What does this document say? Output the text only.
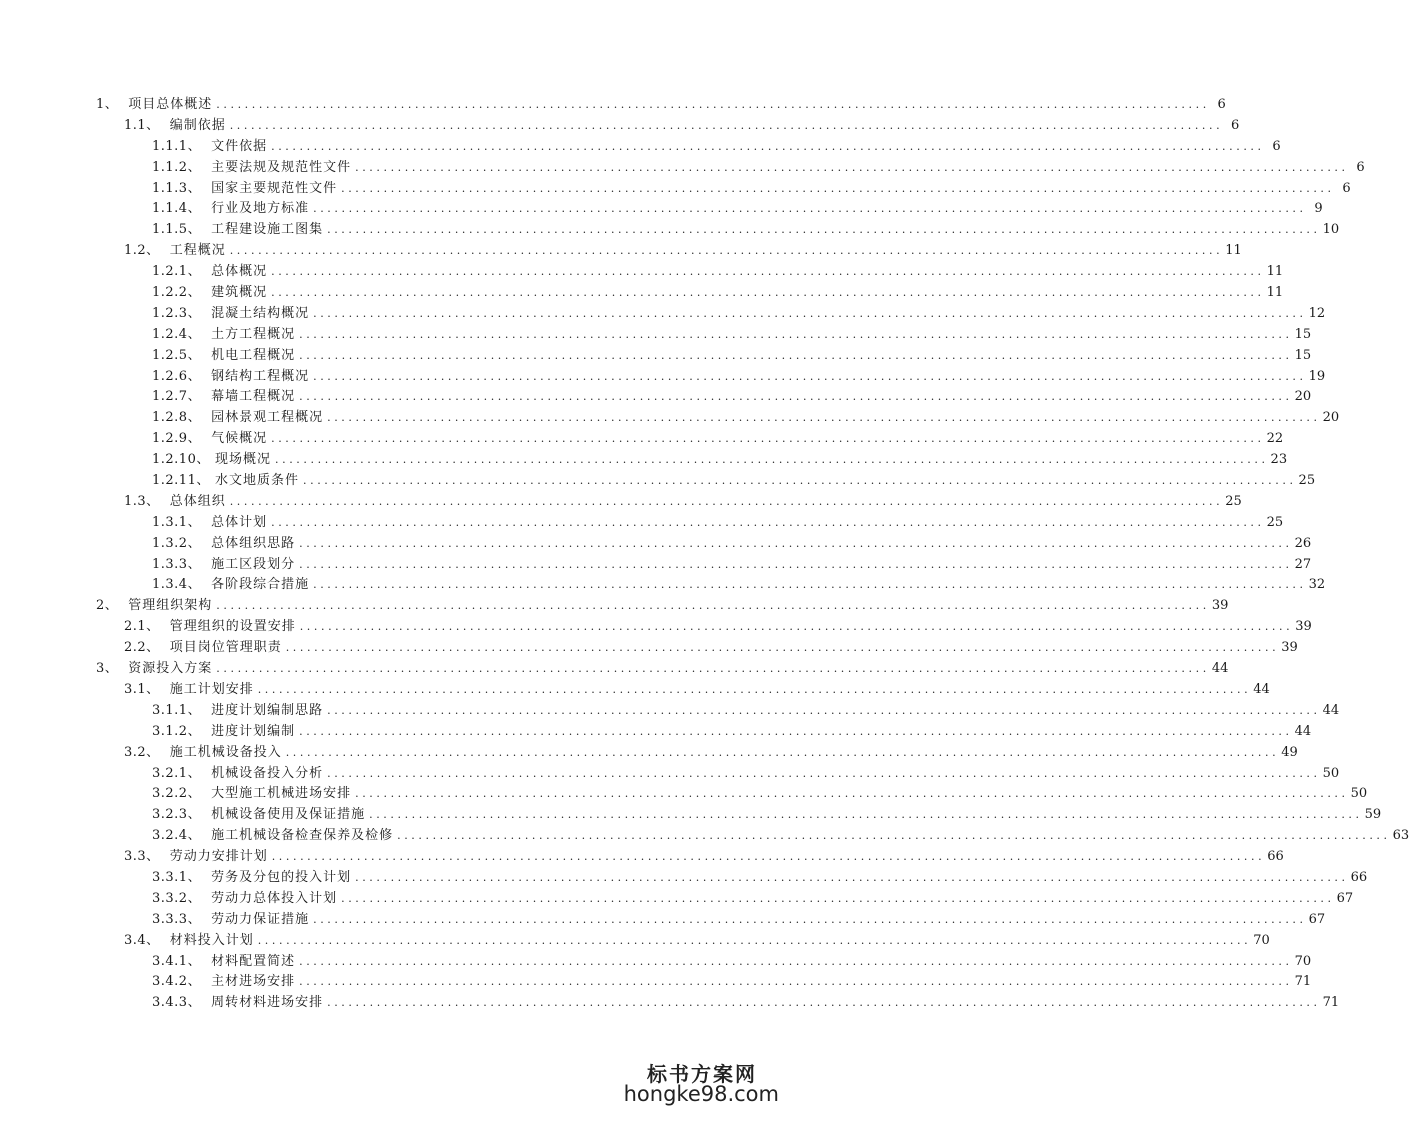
1、 项目总体概述 ............................................................................................................................................ 6
1.1、 编制依据 ............................................................................................................................................ 6
1.1.1、 文件依据 ............................................................................................................................................ 6
1.1.2、 主要法规及规范性文件 ............................................................................................................................................ 6
1.1.3、 国家主要规范性文件 ............................................................................................................................................ 6
1.1.4、 行业及地方标准 ............................................................................................................................................ 9
1.1.5、 工程建设施工图集 ............................................................................................................................................ 10
1.2、 工程概况 ............................................................................................................................................ 11
1.2.1、 总体概况 ............................................................................................................................................ 11
1.2.2、 建筑概况 ............................................................................................................................................ 11
1.2.3、 混凝土结构概况 ............................................................................................................................................ 12
1.2.4、 土方工程概况 ............................................................................................................................................ 15
1.2.5、 机电工程概况 ............................................................................................................................................ 15
1.2.6、 钢结构工程概况 ............................................................................................................................................ 19
1.2.7、 幕墙工程概况 ............................................................................................................................................ 20
1.2.8、 园林景观工程概况 ............................................................................................................................................ 20
1.2.9、 气候概况 ............................................................................................................................................ 22
1.2.10、 现场概况 ............................................................................................................................................ 23
1.2.11、 水文地质条件 ............................................................................................................................................ 25
1.3、 总体组织 ............................................................................................................................................ 25
1.3.1、 总体计划 ............................................................................................................................................ 25
1.3.2、 总体组织思路 ............................................................................................................................................ 26
1.3.3、 施工区段划分 ............................................................................................................................................ 27
1.3.4、 各阶段综合措施 ............................................................................................................................................ 32
2、 管理组织架构 ............................................................................................................................................ 39
2.1、 管理组织的设置安排 ............................................................................................................................................ 39
2.2、 项目岗位管理职责 ............................................................................................................................................ 39
3、 资源投入方案 ............................................................................................................................................ 44
3.1、 施工计划安排 ............................................................................................................................................ 44
3.1.1、 进度计划编制思路 ............................................................................................................................................ 44
3.1.2、 进度计划编制 ............................................................................................................................................ 44
3.2、 施工机械设备投入 ............................................................................................................................................ 49
3.2.1、 机械设备投入分析 ............................................................................................................................................ 50
3.2.2、 大型施工机械进场安排 ............................................................................................................................................ 50
3.2.3、 机械设备使用及保证措施 ............................................................................................................................................ 59
3.2.4、 施工机械设备检查保养及检修 ............................................................................................................................................ 63
3.3、 劳动力安排计划 ............................................................................................................................................ 66
3.3.1、 劳务及分包的投入计划 ............................................................................................................................................ 66
3.3.2、 劳动力总体投入计划 ............................................................................................................................................ 67
3.3.3、 劳动力保证措施 ............................................................................................................................................ 67
3.4、 材料投入计划 ............................................................................................................................................ 70
3.4.1、 材料配置简述 ............................................................................................................................................ 70
3.4.2、 主材进场安排 ............................................................................................................................................ 71
3.4.3、 周转材料进场安排 ............................................................................................................................................ 71
标书方案网
hongke98.com
